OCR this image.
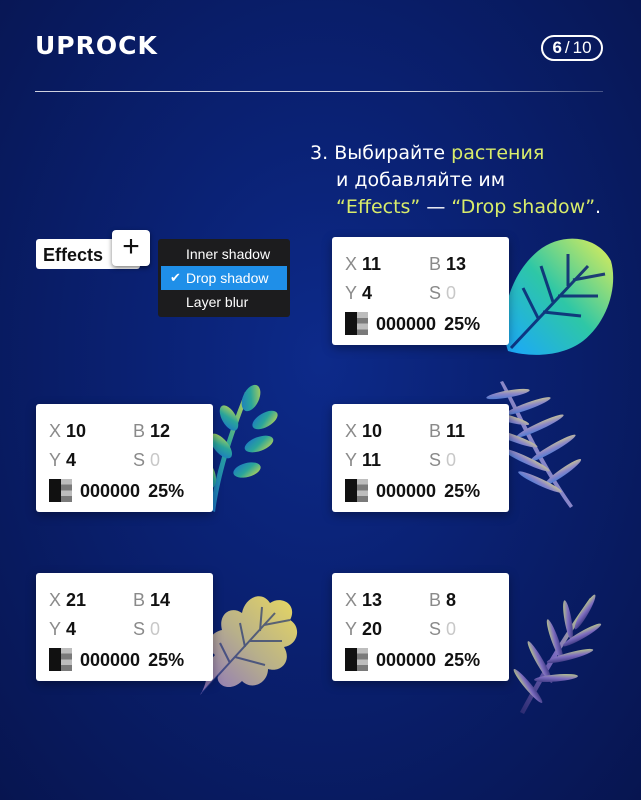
UPROCK	6 / 10
3. Выбирайте растения
и добавляйте им
“Effects” — “Drop shadow”.
Effects +	Inner shadow
✔ Drop shadow
Layer blur
X 11	B 13
Y 4	S 0
000000 25%
X 10	B 12
Y 4	S 0
000000 25%
X 10	B 11
Y 11	S 0
000000 25%
X 21	B 14
Y 4	S 0
000000 25%
X 13	B 8
Y 20	S 0
000000 25%
